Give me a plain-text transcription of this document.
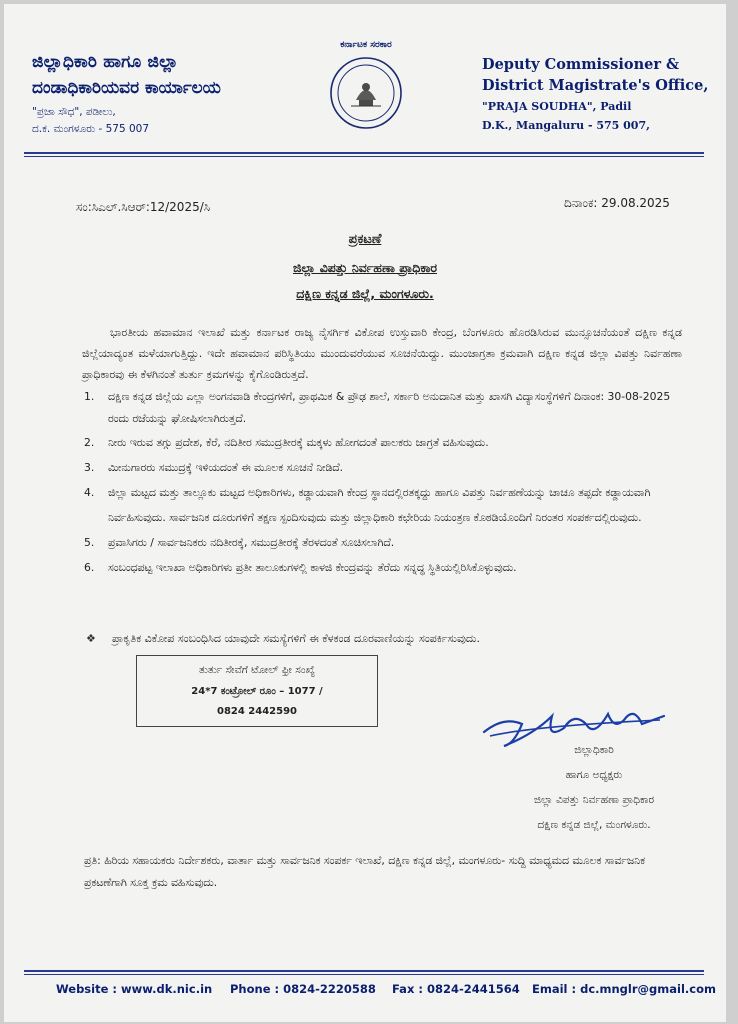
ಜಿಲ್ಲಾಧಿಕಾರಿ ಹಾಗೂ ಜಿಲ್ಲಾ
ದಂಡಾಧಿಕಾರಿಯವರ ಕಾರ್ಯಾಲಯ
"ಪ್ರಜಾ ಸೌಧ", ಪಡೀಲು,
ದ.ಕ. ಮಂಗಳೂರು - 575 007
ಕರ್ನಾಟಕ ಸರಕಾರ
Deputy Commissioner &
District Magistrate's Office,
"PRAJA SOUDHA", Padil
D.K., Mangaluru - 575 007,
ಸಂ:ಸಿಎಲ್.ಸಿಆರ್:12/2025/ಸಿ	ದಿನಾಂಕ: 29.08.2025
ಪ್ರಕಟಣೆ
ಜಿಲ್ಲಾ ವಿಪತ್ತು ನಿರ್ವಹಣಾ ಪ್ರಾಧಿಕಾರ
ದಕ್ಷಿಣ ಕನ್ನಡ ಜಿಲ್ಲೆ, ಮಂಗಳೂರು.
ಭಾರತೀಯ ಹವಾಮಾನ ಇಲಾಖೆ ಮತ್ತು ಕರ್ನಾಟಕ ರಾಜ್ಯ ನೈಸರ್ಗಿಕ ವಿಕೋಪ ಉಸ್ತುವಾರಿ ಕೇಂದ್ರ, ಬೆಂಗಳೂರು ಹೊರಡಿಸಿರುವ ಮುನ್ಸೂಚನೆಯಂತೆ ದಕ್ಷಿಣ ಕನ್ನಡ ಜಿಲ್ಲೆಯಾದ್ಯಂತ ಮಳೆಯಾಗುತ್ತಿದ್ದು. ಇದೇ ಹವಾಮಾನ ಪರಿಸ್ಥಿತಿಯು ಮುಂದುವರೆಯುವ ಸೂಚನೆಯಿದ್ದು. ಮುಂಜಾಗ್ರತಾ ಕ್ರಮವಾಗಿ ದಕ್ಷಿಣ ಕನ್ನಡ ಜಿಲ್ಲಾ ವಿಪತ್ತು ನಿರ್ವಹಣಾ ಪ್ರಾಧಿಕಾರವು ಈ ಕೆಳಗಿನಂತೆ ತುರ್ತು ಕ್ರಮಗಳನ್ನು ಕೈಗೊಂಡಿರುತ್ತದೆ.
1. ದಕ್ಷಿಣ ಕನ್ನಡ ಜಿಲ್ಲೆಯ ಎಲ್ಲಾ ಅಂಗನವಾಡಿ ಕೇಂದ್ರಗಳಿಗೆ, ಪ್ರಾಥಮಿಕ & ಪ್ರೌಢ ಶಾಲೆ, ಸರ್ಕಾರಿ ಅನುದಾನಿತ ಮತ್ತು ಖಾಸಗಿ ವಿದ್ಯಾಸಂಸ್ಥೆಗಳಿಗೆ ದಿನಾಂಕ: 30-08-2025 ರಂದು ರಜೆಯನ್ನು ಘೋಷಿಸಲಾಗಿರುತ್ತದೆ.
2. ನೀರು ಇರುವ ತಗ್ಗು ಪ್ರದೇಶ, ಕೆರೆ, ನದಿತೀರ ಸಮುದ್ರತೀರಕ್ಕೆ ಮಕ್ಕಳು ಹೋಗದಂತೆ ಪಾಲಕರು ಜಾಗ್ರತೆ ವಹಿಸುವುದು.
3. ಮೀನುಗಾರರು ಸಮುದ್ರಕ್ಕೆ ಇಳಿಯದಂತೆ ಈ ಮೂಲಕ ಸೂಚನೆ ನೀಡಿದೆ.
4. ಜಿಲ್ಲಾ ಮಟ್ಟದ ಮತ್ತು ತಾಲ್ಲೂಕು ಮಟ್ಟದ ಅಧಿಕಾರಿಗಳು, ಕಡ್ಡಾಯವಾಗಿ ಕೇಂದ್ರ ಸ್ಥಾನದಲ್ಲಿರತಕ್ಕದ್ದು ಹಾಗೂ ವಿಪತ್ತು ನಿರ್ವಹಣೆಯನ್ನು ಚಾಚೂ ತಪ್ಪದೇ ಕಡ್ಡಾಯವಾಗಿ ನಿರ್ವಹಿಸುವುದು. ಸಾರ್ವಜನಿಕ ದೂರುಗಳಿಗೆ ತಕ್ಷಣ ಸ್ಪಂದಿಸುವುದು ಮತ್ತು ಜಿಲ್ಲಾಧಿಕಾರಿ ಕಛೇರಿಯ ನಿಯಂತ್ರಣ ಕೊಠಡಿಯೊಂದಿಗೆ ನಿರಂತರ ಸಂಪರ್ಕದಲ್ಲಿರುವುದು.
5. ಪ್ರವಾಸಿಗರು / ಸಾರ್ವಜನಿಕರು ನದಿತೀರಕ್ಕೆ, ಸಮುದ್ರತೀರಕ್ಕೆ ತೆರಳದಂತೆ ಸೂಚಿಸಲಾಗಿದೆ.
6. ಸಂಬಂಧಪಟ್ಟ ಇಲಾಖಾ ಅಧಿಕಾರಿಗಳು ಪ್ರತೀ ತಾಲೂಕುಗಳಲ್ಲಿ ಕಾಳಜಿ ಕೇಂದ್ರವನ್ನು ತೆರೆದು ಸನ್ನದ್ಧ ಸ್ಥಿತಿಯಲ್ಲಿರಿಸಿಕೊಳ್ಳುವುದು.
❖ ಪ್ರಾಕೃತಿಕ ವಿಕೋಪ ಸಂಬಂಧಿಸಿದ ಯಾವುದೇ ಸಮಸ್ಯೆಗಳಿಗೆ ಈ ಕೆಳಕಂಡ ದೂರವಾಣಿಯನ್ನು ಸಂಪರ್ಕಿಸುವುದು.
ತುರ್ತು ಸೇವೆಗೆ ಟೋಲ್ ಫ್ರೀ ಸಂಖ್ಯೆ
24*7 ಕಂಟ್ರೋಲ್ ರೂಂ – 1077 /
0824 2442590
ಜಿಲ್ಲಾಧಿಕಾರಿ
ಹಾಗೂ ಅಧ್ಯಕ್ಷರು
ಜಿಲ್ಲಾ ವಿಪತ್ತು ನಿರ್ವಹಣಾ ಪ್ರಾಧಿಕಾರ
ದಕ್ಷಿಣ ಕನ್ನಡ ಜಿಲ್ಲೆ, ಮಂಗಳೂರು.
ಪ್ರತಿ: ಹಿರಿಯ ಸಹಾಯಕರು ನಿರ್ದೇಶಕರು, ವಾರ್ತಾ ಮತ್ತು ಸಾರ್ವಜನಿಕ ಸಂಪರ್ಕ ಇಲಾಖೆ, ದಕ್ಷಿಣ ಕನ್ನಡ ಜಿಲ್ಲೆ, ಮಂಗಳೂರು- ಸುದ್ದಿ ಮಾಧ್ಯಮದ ಮೂಲಕ ಸಾರ್ವಜನಿಕ ಪ್ರಕಟಣೆಗಾಗಿ ಸೂಕ್ತ ಕ್ರಮ ವಹಿಸುವುದು.
Website : www.dk.nic.in Phone : 0824-2220588 Fax : 0824-2441564 Email : dc.mnglr@gmail.com
